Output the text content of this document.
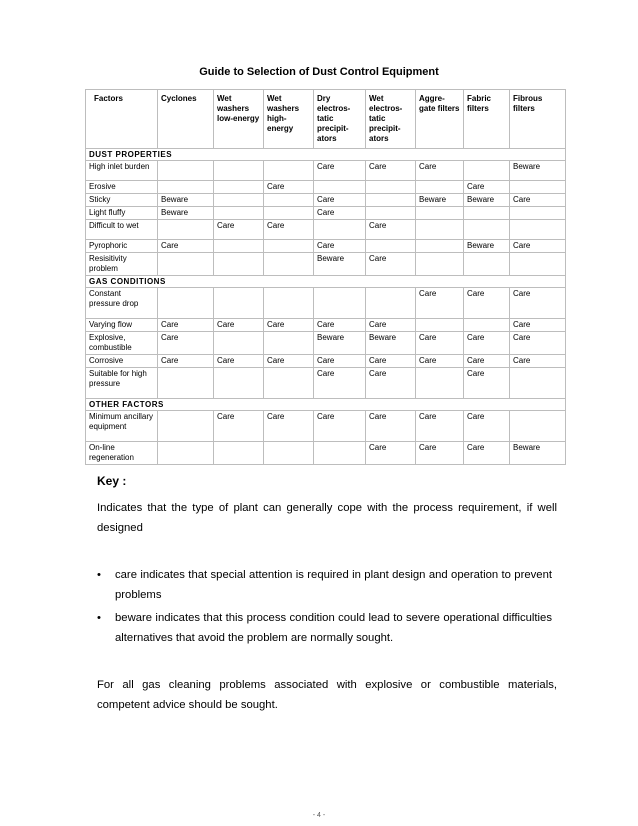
Guide to Selection of Dust Control Equipment
Factors	Cyclones	Wet washers low-energy	Wet washers high-energy	Dry electros-tatic precipit-ators	Wet electros-tatic precipit-ators	Aggre-gate filters	Fabric filters	Fibrous filters
DUST PROPERTIES								
High inlet burden				Care	Care	Care		Beware
Erosive			Care				Care	
Sticky	Beware			Care		Beware	Beware	Care
Light fluffy	Beware			Care				
Difficult to wet		Care	Care		Care			
Pyrophoric	Care			Care			Beware	Care
Resisitivity problem				Beware	Care			
GAS CONDITIONS								
Constant pressure drop						Care	Care	Care
Varying flow	Care	Care	Care	Care	Care			Care
Explosive, combustible	Care			Beware	Beware	Care	Care	Care
Corrosive	Care	Care	Care	Care	Care	Care	Care	Care
Suitable for high pressure				Care	Care		Care	
OTHER FACTORS								
Minimum ancillary equipment		Care	Care	Care	Care	Care	Care	
On-line regeneration					Care	Care	Care	Beware
Key :
Indicates that the type of plant can generally cope with the process requirement, if well designed
• care indicates that special attention is required in plant design and operation to prevent problems
• beware indicates that this process condition could lead to severe operational difficulties alternatives that avoid the problem are normally sought.
For all gas cleaning problems associated with explosive or combustible materials, competent advice should be sought.
- 4 -
